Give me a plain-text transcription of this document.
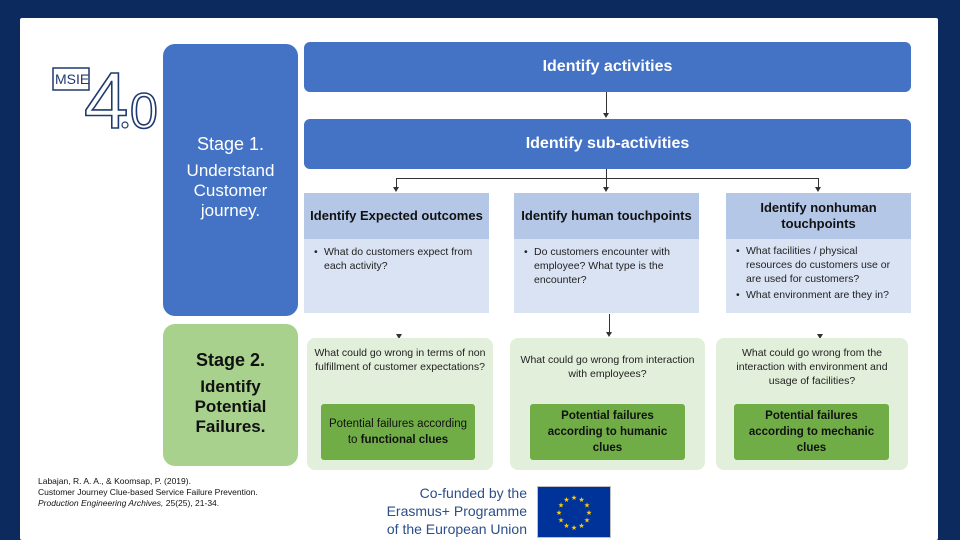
MSIE
4 0
Stage 1.
Understand Customer journey.
Stage 2.
Identify Potential Failures.
Identify activities
Identify sub-activities
Identify Expected outcomes
• What do customers expect from each activity?
What could go wrong in terms of non fulfillment of customer expectations?
Potential failures according to functional clues
Identify human touchpoints
• Do customers encounter with employee? What type is the encounter?
What could go wrong from interaction with employees?
Potential failures according to humanic clues
Identify nonhuman touchpoints
• What facilities / physical resources do customers use or are used for customers?
• What environment are they in?
What could go wrong from the interaction with environment and usage of facilities?
Potential failures according to mechanic clues
Labajan, R. A. A., & Koomsap, P. (2019).
Customer Journey Clue-based Service Failure Prevention.
Production Engineering Archives, 25(25), 21-34.
Co-funded by the
Erasmus+ Programme
of the European Union
★ ★
★
★
★
★
★
★
★
★
★
★
